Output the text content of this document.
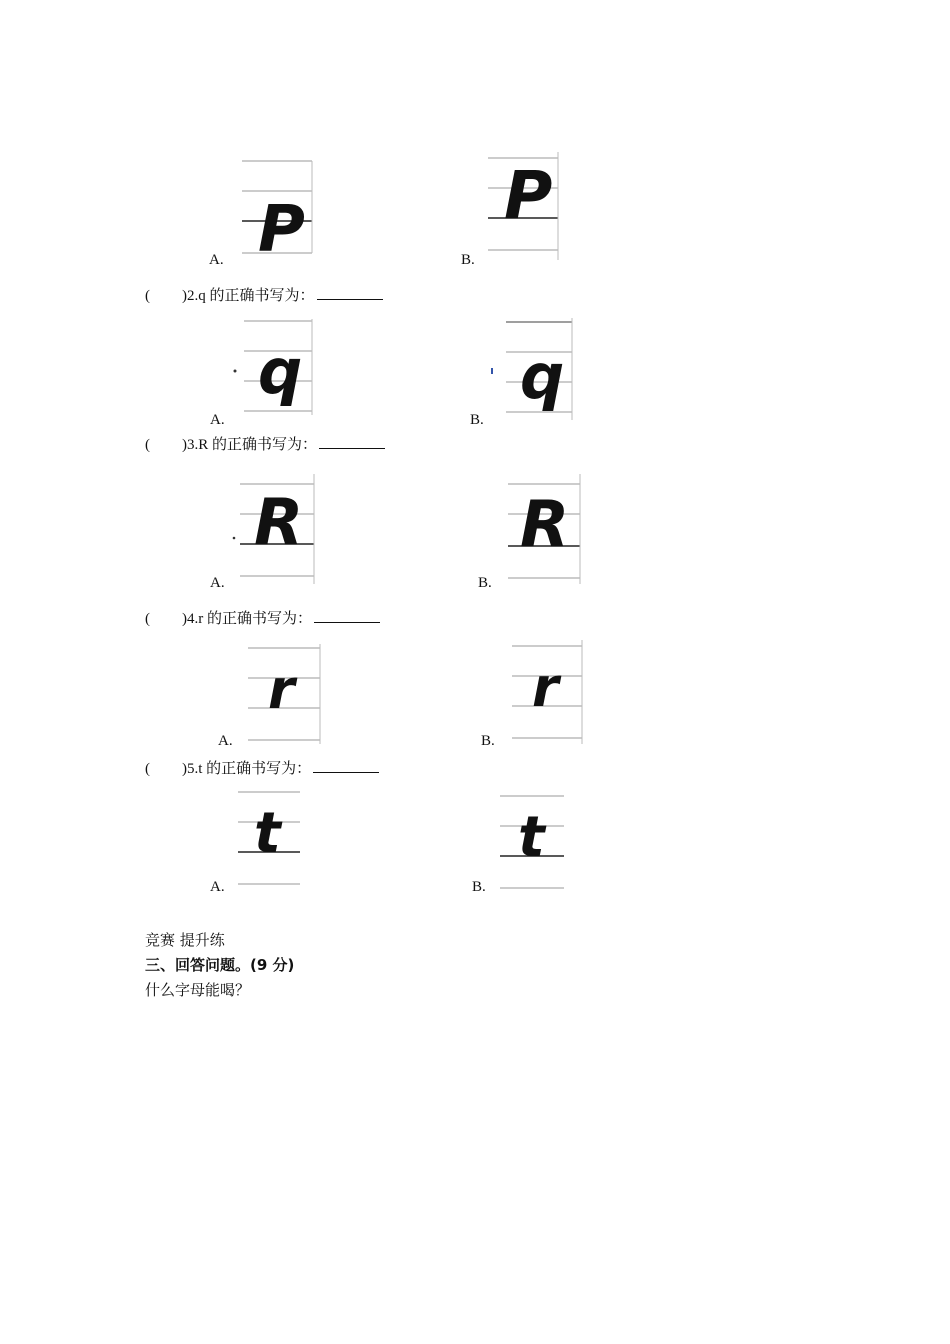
P
A.
P
B.
( )2.q 的正确书写为：
q
A.
q
B.
( )3.R 的正确书写为：
R
A.
R
B.
( )4.r 的正确书写为：
r
A.
r
B.
( )5.t 的正确书写为：
t
A.
t
B.
竞赛 提升练
三、回答问题。(9 分)
什么字母能喝？
